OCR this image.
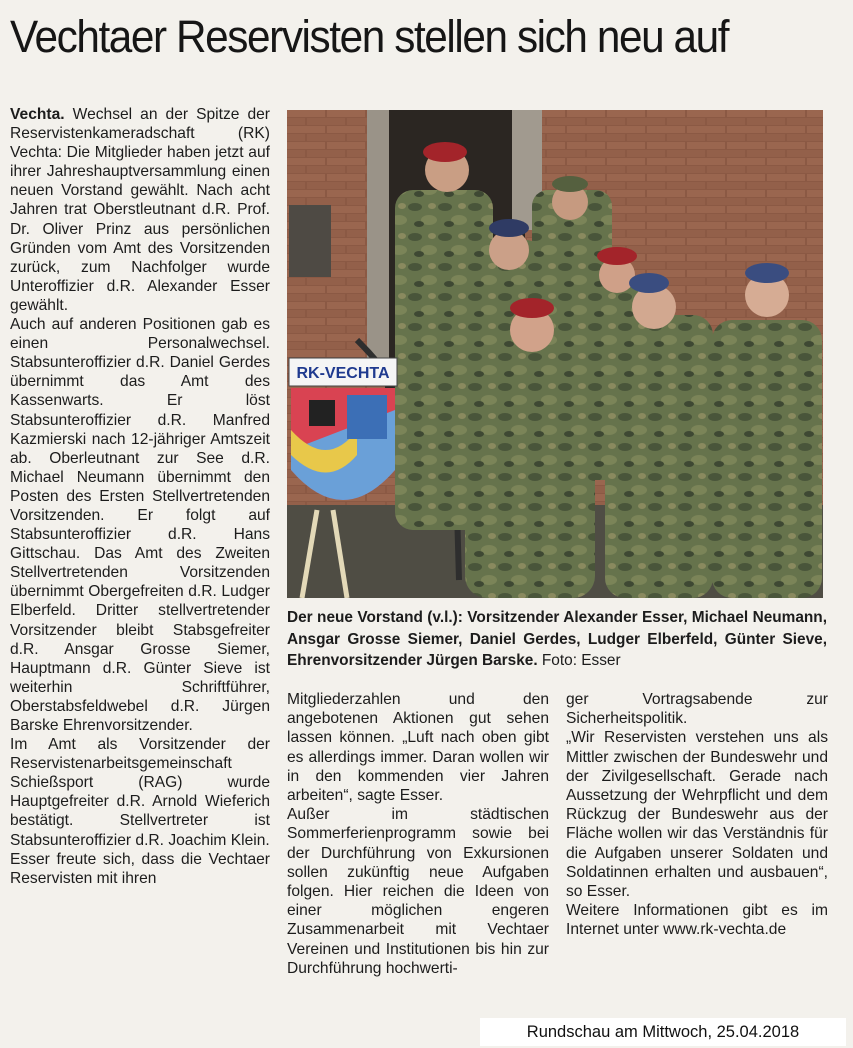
Vechtaer Reservisten stellen sich neu auf

Vechta. Wechsel an der Spitze der Reservistenkameradschaft (RK) Vechta: Die Mitglieder haben jetzt auf ihrer Jahreshauptversammlung einen neuen Vorstand gewählt. Nach acht Jahren trat Oberstleutnant d.R. Prof. Dr. Oliver Prinz aus persönlichen Gründen vom Amt des Vorsitzenden zurück, zum Nachfolger wurde Unteroffizier d.R. Alexander Esser gewählt.

Auch auf anderen Positionen gab es einen Personalwechsel. Stabsunteroffizier d.R. Daniel Gerdes übernimmt das Amt des Kassenwarts. Er löst Stabsunteroffizier d.R. Manfred Kazmierski nach 12-jähriger Amtszeit ab. Oberleutnant zur See d.R. Michael Neumann übernimmt den Posten des Ersten Stellvertretenden Vorsitzenden. Er folgt auf Stabsunteroffizier d.R. Hans Gittschau. Das Amt des Zweiten Stellvertretenden Vorsitzenden übernimmt Obergefreiten d.R. Ludger Elberfeld. Dritter stellvertretender Vorsitzender bleibt Stabsgefreiter d.R. Ansgar Grosse Siemer, Hauptmann d.R. Günter Sieve ist weiterhin Schriftführer, Oberstabsfeldwebel d.R. Jürgen Barske Ehrenvorsitzender.

Im Amt als Vorsitzender der Reservistenarbeitsgemeinschaft Schießsport (RAG) wurde Hauptgefreiter d.R. Arnold Wieferich bestätigt. Stellvertreter ist Stabsunteroffizier d.R. Joachim Klein.

Esser freute sich, dass die Vechtaer Reservisten mit ihren

RK-VECHTA
Der neue Vorstand (v.l.): Vorsitzender Alexander Esser, Michael Neumann, Ansgar Grosse Siemer, Daniel Gerdes, Ludger Elberfeld, Günter Sieve, Ehrenvorsitzender Jürgen Barske. Foto: Esser

Mitgliederzahlen und den angebotenen Aktionen gut sehen lassen können. „Luft nach oben gibt es allerdings immer. Daran wollen wir in den kommenden vier Jahren arbeiten“, sagte Esser.

Außer im städtischen Sommerferienprogramm sowie bei der Durchführung von Exkursionen sollen zukünftig neue Aufgaben folgen. Hier reichen die Ideen von einer möglichen engeren Zusammenarbeit mit Vechtaer Vereinen und Institutionen bis hin zur Durchführung hochwerti-

ger Vortragsabende zur Sicherheitspolitik.

„Wir Reservisten verstehen uns als Mittler zwischen der Bundeswehr und der Zivilgesellschaft. Gerade nach Aussetzung der Wehrpflicht und dem Rückzug der Bundeswehr aus der Fläche wollen wir das Verständnis für die Aufgaben unserer Soldaten und Soldatinnen erhalten und ausbauen“, so Esser.

Weitere Informationen gibt es im Internet unter www.rk-vechta.de

Rundschau am Mittwoch, 25.04.2018
